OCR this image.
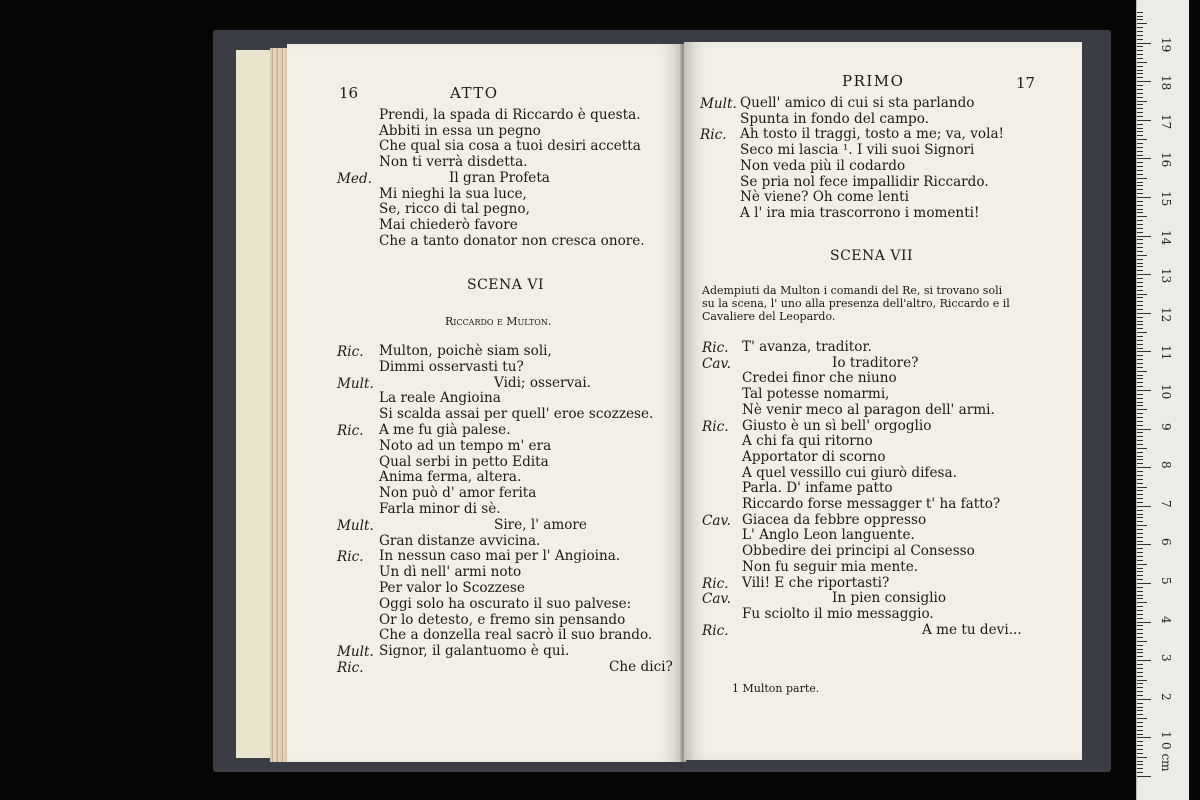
16	ATTO
Prendi, la spada di Riccardo è questa.
Abbiti in essa un pegno
Che qual sia cosa a tuoi desiri accetta
Non ti verrà disdetta.
Med.	Il gran Profeta
Mi nieghi la sua luce,
Se, ricco di tal pegno,
Mai chiederò favore
Che a tanto donator non cresca onore.
SCENA VI
Riccardo e Multon.
Ric. Multon, poichè siam soli,
Dimmi osservasti tu?
Mult.	Vidi; osservai.
La reale Angioina
Si scalda assai per quell' eroe scozzese.
Ric. A me fu già palese.
Noto ad un tempo m' era
Qual serbi in petto Edita
Anima ferma, altera.
Non può d' amor ferita
Farla minor di sè.
Mult.	Sire, l' amore
Gran distanze avvicina.
Ric. In nessun caso mai per l' Angioina.
Un dì nell' armi noto
Per valor lo Scozzese
Oggi solo ha oscurato il suo palvese:
Or lo detesto, e fremo sin pensando
Che a donzella real sacrò il suo brando.
Mult. Signor, il galantuomo è qui.
Ric.	Che dici?
PRIMO	17
Mult. Quell' amico di cui si sta parlando
Spunta in fondo del campo.
Ric. Ah tosto il traggi, tosto a me; va, vola!
Seco mi lascia ¹. I vili suoi Signori
Non veda più il codardo
Se pria nol fece impallidir Riccardo.
Nè viene? Oh come lenti
A l' ira mia trascorrono i momenti!
SCENA VII
Adempiuti da Multon i comandi del Re, si trovano soli
su la scena, l' uno alla presenza dell'altro, Riccardo e il
Cavaliere del Leopardo.
Ric. T' avanza, traditor.
Cav.	Io traditore?
Credei finor che niuno
Tal potesse nomarmi,
Nè venir meco al paragon dell' armi.
Ric. Giusto è un sì bell' orgoglio
A chi fa qui ritorno
Apportator di scorno
A quel vessillo cui giurò difesa.
Parla. D' infame patto
Riccardo forse messagger t' ha fatto?
Cav. Giacea da febbre oppresso
L' Anglo Leon languente.
Obbedire dei principi al Consesso
Non fu seguir mia mente.
Ric. Vili! E che riportasti?
Cav.	In pien consiglio
Fu sciolto il mio messaggio.
Ric.	A me tu devi...
1 Multon parte.
0 cm
1
2
3
4
5
6
7
8
9
10
11
12
13
14
15
16
17
18
19
